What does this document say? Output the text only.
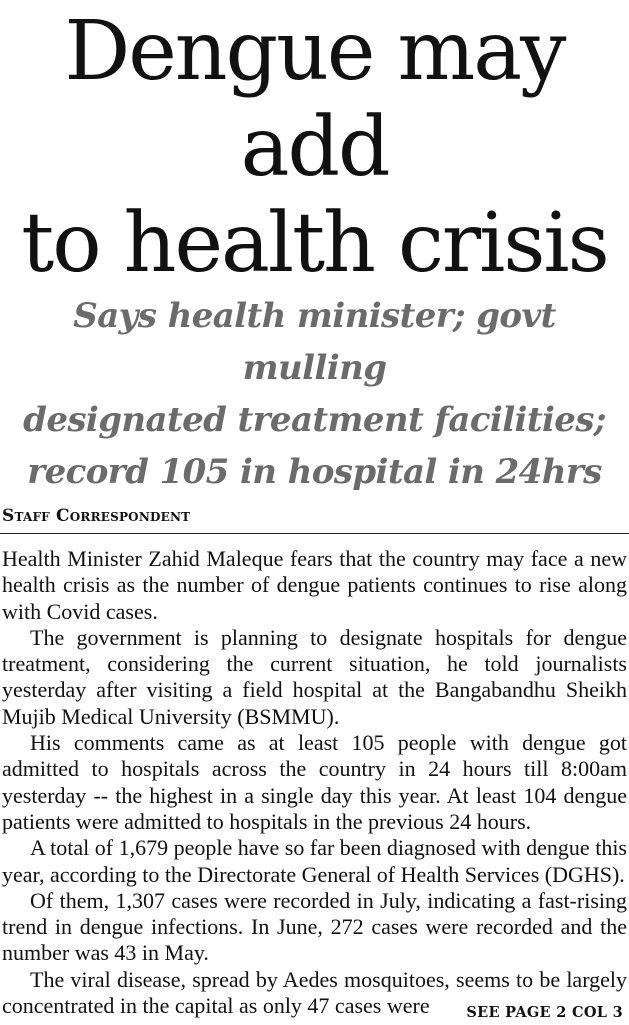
Dengue may add
to health crisis
Says health minister; govt mulling
designated treatment facilities;
record 105 in hospital in 24hrs
Staff Correspondent

Health Minister Zahid Maleque fears that the country may face a new health crisis as the number of dengue patients continues to rise along with Covid cases.

The government is planning to designate hospitals for dengue treatment, considering the current situation, he told journalists yesterday after visiting a field hospital at the Bangabandhu Sheikh Mujib Medical University (BSMMU).

His comments came as at least 105 people with dengue got admitted to hospitals across the country in 24 hours till 8:00am yesterday -- the highest in a single day this year. At least 104 dengue patients were admitted to hospitals in the previous 24 hours.

A total of 1,679 people have so far been diagnosed with dengue this year, according to the Directorate General of Health Services (DGHS).

Of them, 1,307 cases were recorded in July, indicating a fast-rising trend in dengue infections. In June, 272 cases were recorded and the number was 43 in May.

The viral disease, spread by Aedes mosquitoes, seems to be largely concentrated in the capital as only 47 cases were	SEE PAGE 2 COL 3
